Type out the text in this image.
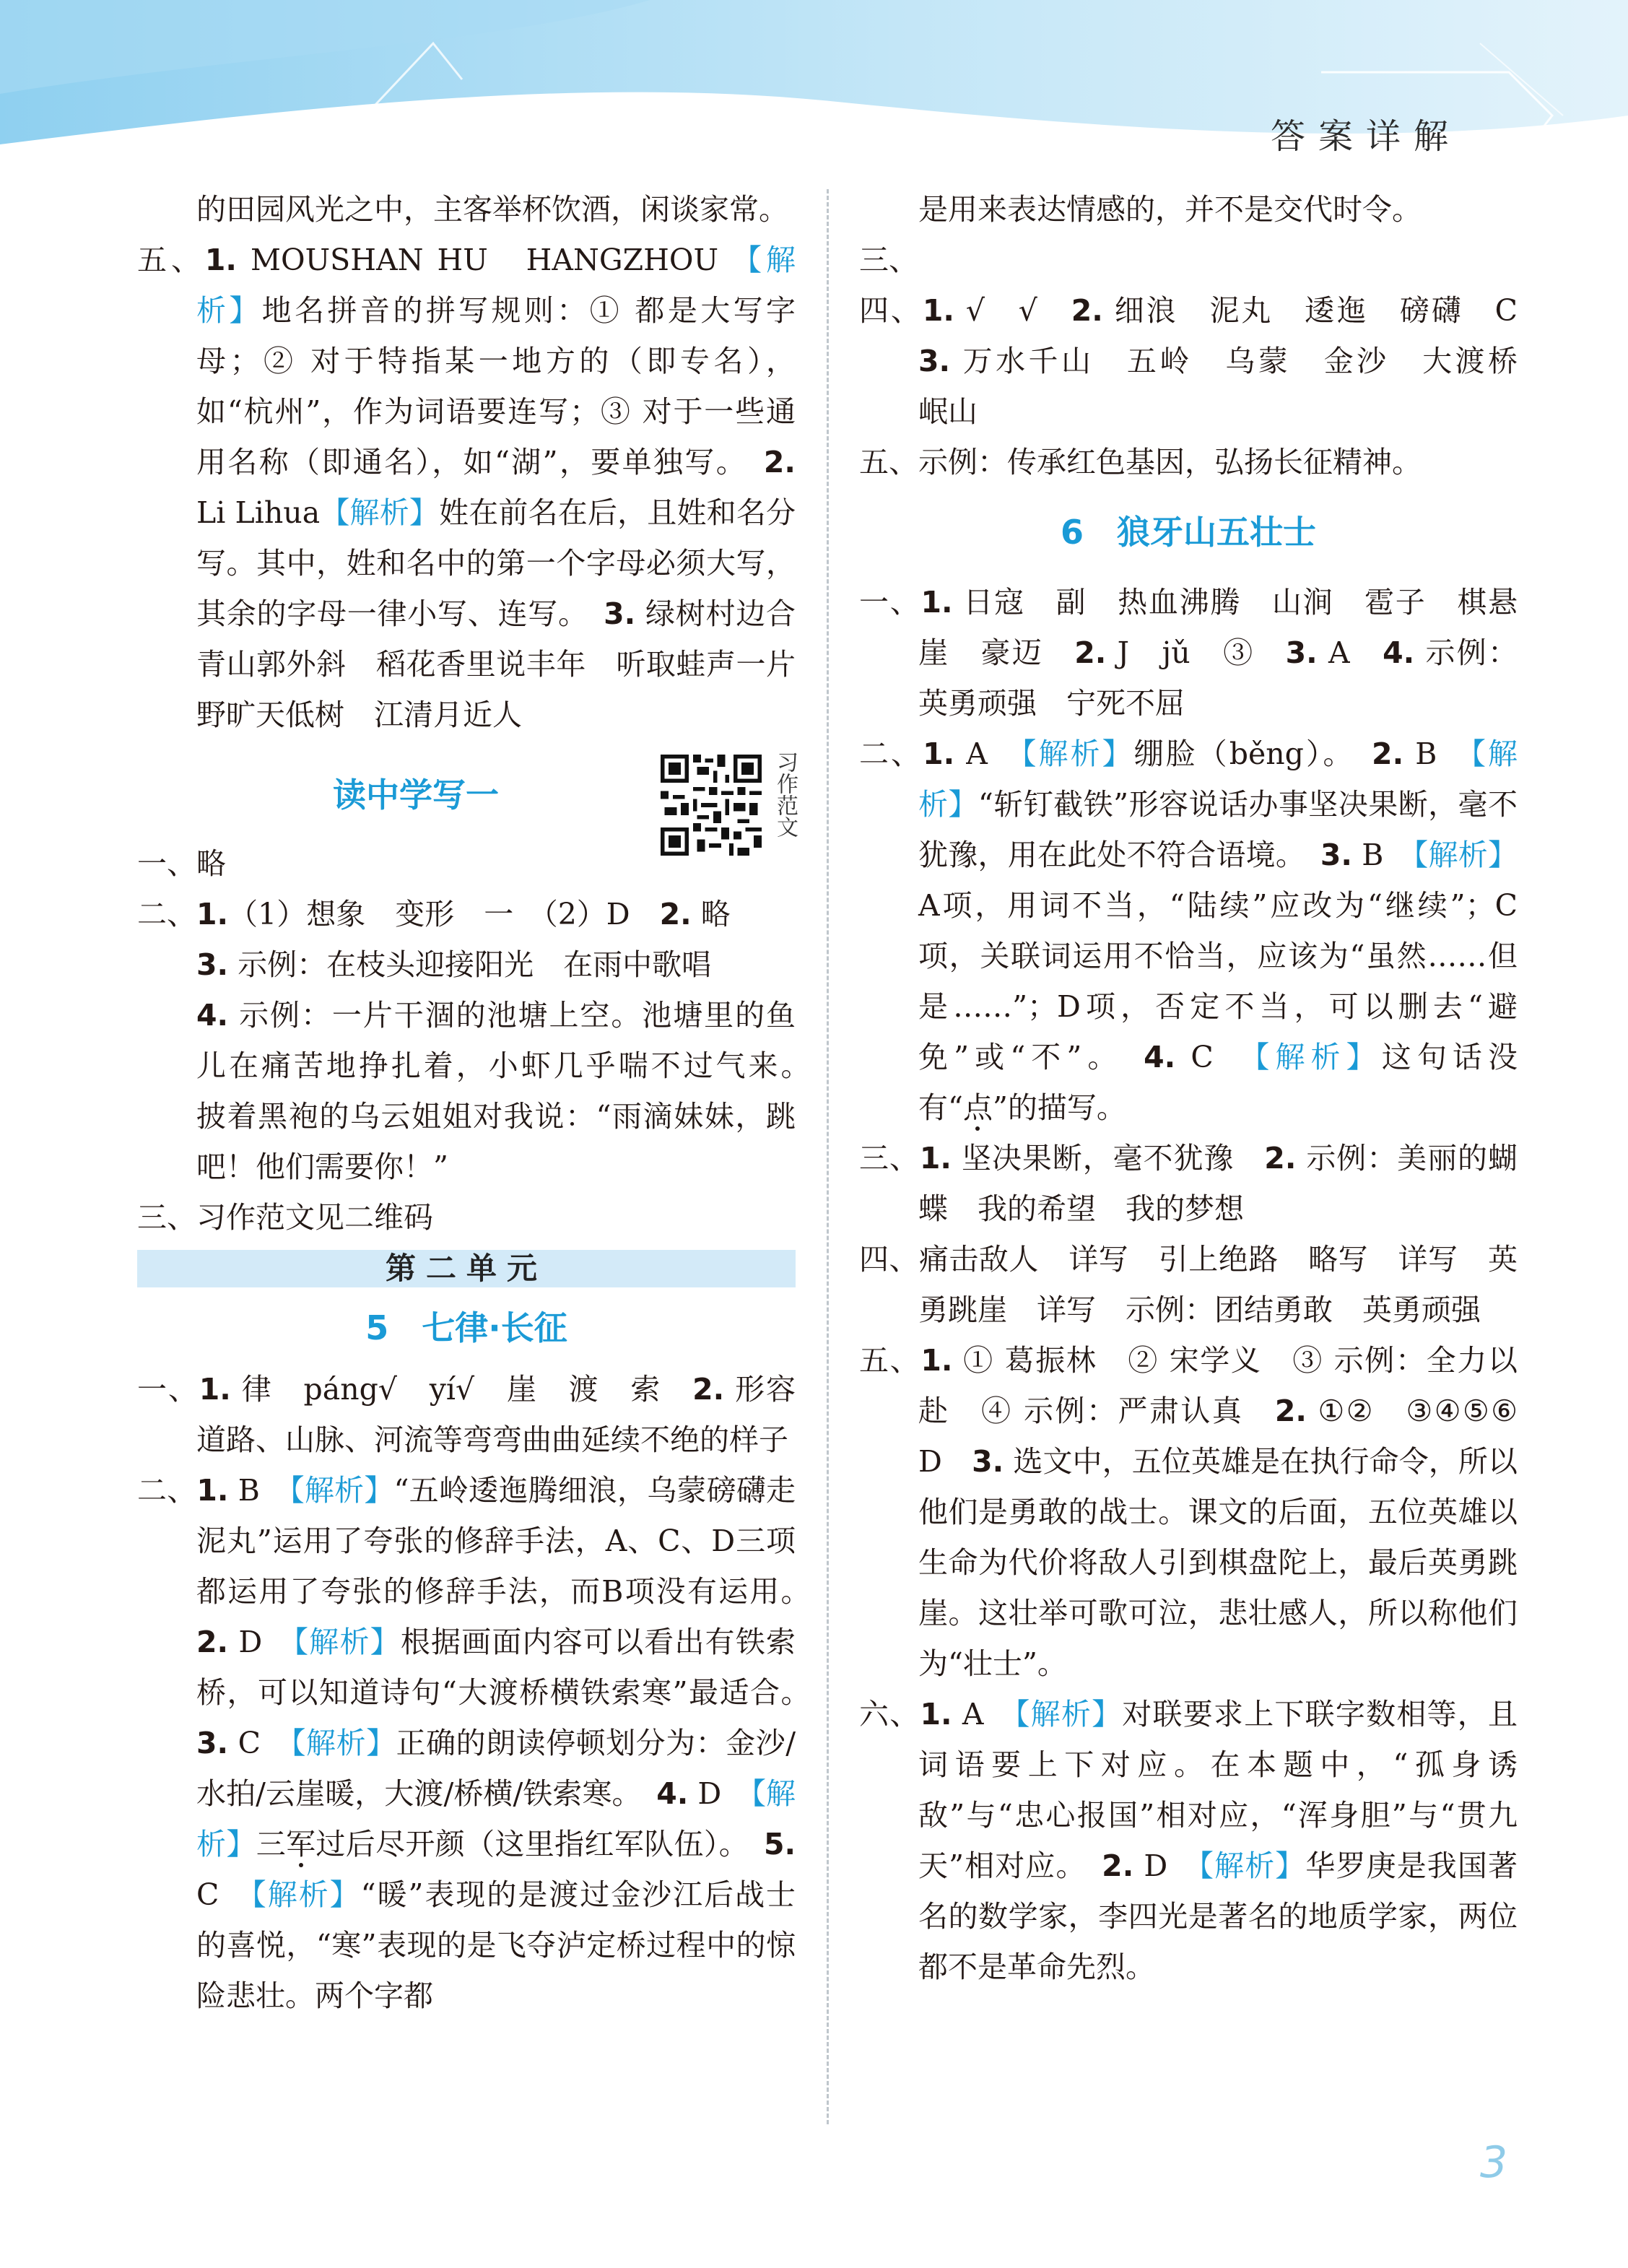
答案详解

的田园风光之中，主客举杯饮酒，闲谈家常。

五、1. MOUSHAN HU　HANGZHOU 【解析】地名拼音的拼写规则：① 都是大写字母；② 对于特指某一地方的（即专名），如“杭州”，作为词语要连写；③ 对于一些通用名称（即通名），如“湖”，要单独写。　2. Li Lihua【解析】姓在前名在后，且姓和名分写。其中，姓和名中的第一个字母必须大写，其余的字母一律小写、连写。　3. 绿树村边合　青山郭外斜　稻花香里说丰年　听取蛙声一片　野旷天低树　江清月近人

读中学写一

一、略

二、1.（1）想象　变形　一　（2）D　2. 略
3. 示例：在枝头迎接阳光　在雨中歌唱
4. 示例：一片干涸的池塘上空。池塘里的鱼儿在痛苦地挣扎着，小虾几乎喘不过气来。　披着黑袍的乌云姐姐对我说：“雨滴妹妹，跳吧！他们需要你！”

三、习作范文见二维码

第二单元
5　七律·长征

一、1. 律　páng√　yí√　崖　渡　索　2. 形容道路、山脉、河流等弯弯曲曲延续不绝的样子

二、1. B　【解析】“五岭逶迤腾细浪，乌蒙磅礴走泥丸”运用了夸张的修辞手法，A、C、D三项都运用了夸张的修辞手法，而B项没有运用。　2. D　【解析】根据画面内容可以看出有铁索桥，可以知道诗句“大渡桥横铁索寒”最适合。　3. C　【解析】正确的朗读停顿划分为：金沙/水拍/云崖暖，大渡/桥横/铁索寒。　4. D　【解析】三军过后尽开颜（这里指红军队伍）。　5. C　【解析】“暖”表现的是渡过金沙江后战士的喜悦，“寒”表现的是飞夺泸定桥过程中的惊险悲壮。两个字都

习作范文

是用来表达情感的，并不是交代时令。

三、

四、1. √　√　2. 细浪　泥丸　逶迤　磅礴　C　3. 万水千山　五岭　乌蒙　金沙　大渡桥　岷山

五、示例：传承红色基因，弘扬长征精神。

6　狼牙山五壮士

一、1. 日寇　副　热血沸腾　山涧　雹子　棋悬崖　豪迈　2. J　jǔ　③　3. A　4. 示例：英勇顽强　宁死不屈

二、1. A　【解析】绷脸（běng）。　2. B　【解析】“斩钉截铁”形容说话办事坚决果断，毫不犹豫，用在此处不符合语境。　3. B　【解析】A项，用词不当，“陆续”应改为“继续”；C项，关联词运用不恰当，应该为“虽然……但是……”；D项，否定不当，可以删去“避免”或“不”。　4. C　【解析】这句话没有“点”的描写。

三、1. 坚决果断，毫不犹豫　2. 示例：美丽的蝴蝶　我的希望　我的梦想

四、痛击敌人　详写　引上绝路　略写　详写　英勇跳崖　详写　示例：团结勇敢　英勇顽强

五、1. ① 葛振林　② 宋学义　③ 示例：全力以赴　④ 示例：严肃认真　2. ①②　③④⑤⑥　D　3. 选文中，五位英雄是在执行命令，所以他们是勇敢的战士。课文的后面，五位英雄以生命为代价将敌人引到棋盘陀上，最后英勇跳崖。这壮举可歌可泣，悲壮感人，所以称他们为“壮士”。

六、1. A　【解析】对联要求上下联字数相等，且词语要上下对应。在本题中，“孤身诱敌”与“忠心报国”相对应，“浑身胆”与“贯九天”相对应。　2. D　【解析】华罗庚是我国著名的数学家，李四光是著名的地质学家，两位都不是革命先烈。

3
